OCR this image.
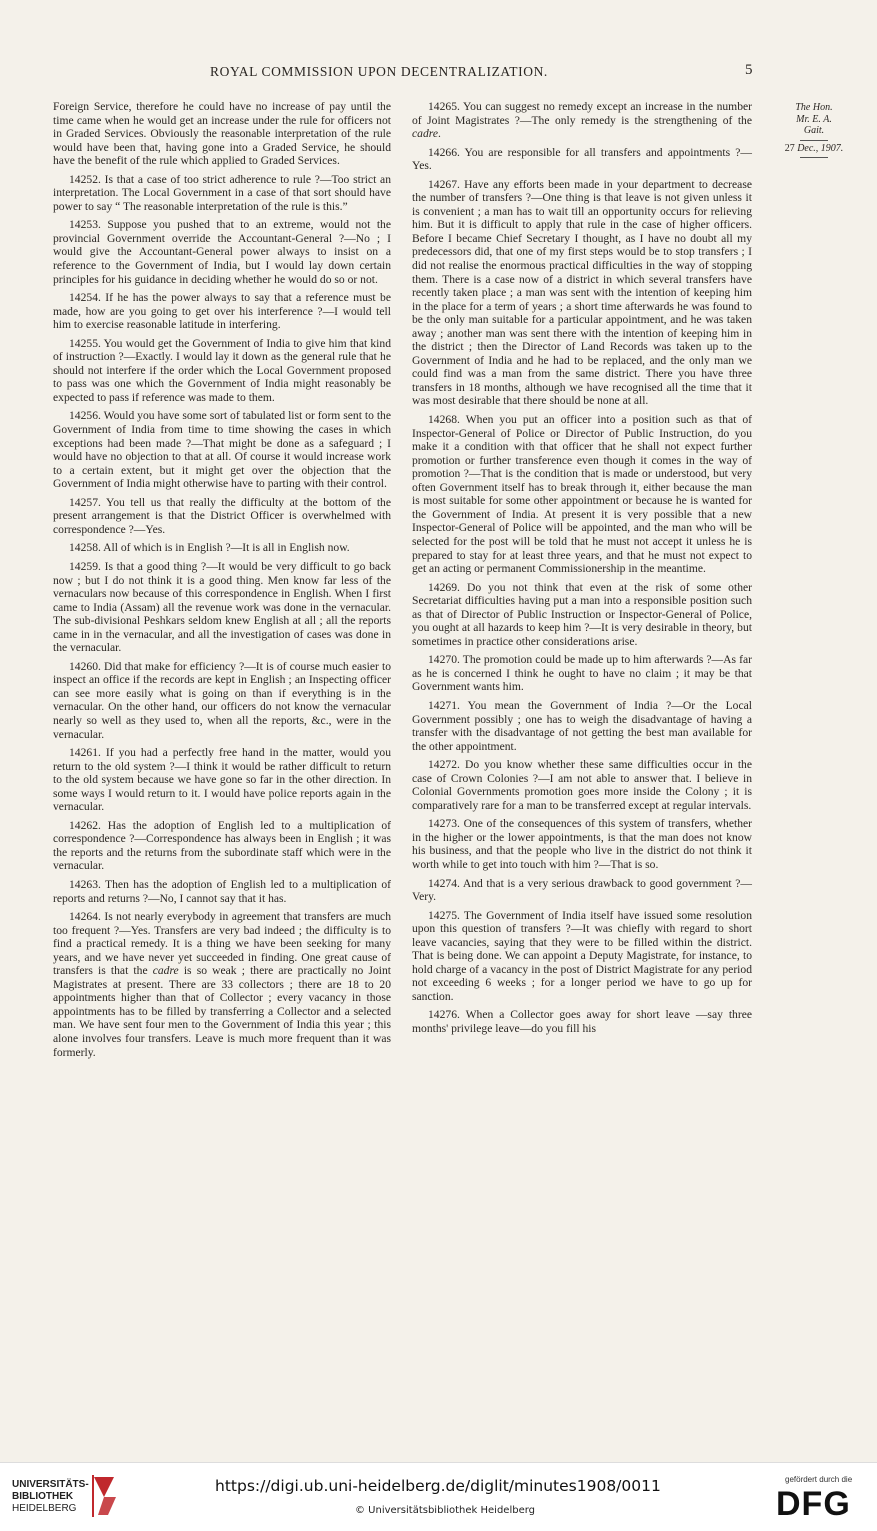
ROYAL COMMISSION UPON DECENTRALIZATION.	5

Foreign Service, therefore he could have no increase of pay until the time came when he would get an increase under the rule for officers not in Graded Services. Obviously the reasonable interpretation of the rule would have been that, having gone into a Graded Service, he should have the benefit of the rule which applied to Graded Services.

14252. Is that a case of too strict adherence to rule ?—Too strict an interpretation. The Local Government in a case of that sort should have power to say “ The reasonable interpretation of the rule is this.”

14253. Suppose you pushed that to an extreme, would not the provincial Government override the Accountant-General ?—No ; I would give the Accountant-General power always to insist on a reference to the Government of India, but I would lay down certain principles for his guidance in deciding whether he would do so or not.

14254. If he has the power always to say that a reference must be made, how are you going to get over his interference ?—I would tell him to exercise reasonable latitude in interfering.

14255. You would get the Government of India to give him that kind of instruction ?—Exactly. I would lay it down as the general rule that he should not interfere if the order which the Local Government proposed to pass was one which the Government of India might reasonably be expected to pass if reference was made to them.

14256. Would you have some sort of tabulated list or form sent to the Government of India from time to time showing the cases in which exceptions had been made ?—That might be done as a safeguard ; I would have no objection to that at all. Of course it would increase work to a certain extent, but it might get over the objection that the Government of India might otherwise have to parting with their control.

14257. You tell us that really the difficulty at the bottom of the present arrangement is that the District Officer is overwhelmed with correspondence ?—Yes.

14258. All of which is in English ?—It is all in English now.

14259. Is that a good thing ?—It would be very difficult to go back now ; but I do not think it is a good thing. Men know far less of the vernaculars now because of this correspondence in English. When I first came to India (Assam) all the revenue work was done in the vernacular. The sub-divisional Peshkars seldom knew English at all ; all the reports came in in the vernacular, and all the investigation of cases was done in the vernacular.

14260. Did that make for efficiency ?—It is of course much easier to inspect an office if the records are kept in English ; an Inspecting officer can see more easily what is going on than if everything is in the vernacular. On the other hand, our officers do not know the vernacular nearly so well as they used to, when all the reports, &c., were in the vernacular.

14261. If you had a perfectly free hand in the matter, would you return to the old system ?—I think it would be rather difficult to return to the old system because we have gone so far in the other direction. In some ways I would return to it. I would have police reports again in the vernacular.

14262. Has the adoption of English led to a multiplication of correspondence ?—Correspondence has always been in English ; it was the reports and the returns from the subordinate staff which were in the vernacular.

14263. Then has the adoption of English led to a multiplication of reports and returns ?—No, I cannot say that it has.

14264. Is not nearly everybody in agreement that transfers are much too frequent ?—Yes. Transfers are very bad indeed ; the difficulty is to find a practical remedy. It is a thing we have been seeking for many years, and we have never yet succeeded in finding. One great cause of transfers is that the cadre is so weak ; there are practically no Joint Magistrates at present. There are 33 collectors ; there are 18 to 20 appointments higher than that of Collector ; every vacancy in those appointments has to be filled by transferring a Collector and a selected man. We have sent four men to the Government of India this year ; this alone involves four transfers. Leave is much more frequent than it was formerly.

14265. You can suggest no remedy except an increase in the number of Joint Magistrates ?—The only remedy is the strengthening of the cadre.

14266. You are responsible for all transfers and appointments ?—Yes.

14267. Have any efforts been made in your department to decrease the number of transfers ?—One thing is that leave is not given unless it is convenient ; a man has to wait till an opportunity occurs for relieving him. But it is difficult to apply that rule in the case of higher officers. Before I became Chief Secretary I thought, as I have no doubt all my predecessors did, that one of my first steps would be to stop transfers ; I did not realise the enormous practical difficulties in the way of stopping them. There is a case now of a district in which several transfers have recently taken place ; a man was sent with the intention of keeping him in the place for a term of years ; a short time afterwards he was found to be the only man suitable for a particular appointment, and he was taken away ; another man was sent there with the intention of keeping him in the district ; then the Director of Land Records was taken up to the Government of India and he had to be replaced, and the only man we could find was a man from the same district. There you have three transfers in 18 months, although we have recognised all the time that it was most desirable that there should be none at all.

14268. When you put an officer into a position such as that of Inspector-General of Police or Director of Public Instruction, do you make it a condition with that officer that he shall not expect further promotion or further transference even though it comes in the way of promotion ?—That is the condition that is made or understood, but very often Government itself has to break through it, either because the man is most suitable for some other appointment or because he is wanted for the Government of India. At present it is very possible that a new Inspector-General of Police will be appointed, and the man who will be selected for the post will be told that he must not accept it unless he is prepared to stay for at least three years, and that he must not expect to get an acting or permanent Commissionership in the meantime.

14269. Do you not think that even at the risk of some other Secretariat difficulties having put a man into a responsible position such as that of Director of Public Instruction or Inspector-General of Police, you ought at all hazards to keep him ?—It is very desirable in theory, but sometimes in practice other considerations arise.

14270. The promotion could be made up to him afterwards ?—As far as he is concerned I think he ought to have no claim ; it may be that Government wants him.

14271. You mean the Government of India ?—Or the Local Government possibly ; one has to weigh the disadvantage of having a transfer with the disadvantage of not getting the best man available for the other appointment.

14272. Do you know whether these same difficulties occur in the case of Crown Colonies ?—I am not able to answer that. I believe in Colonial Governments promotion goes more inside the Colony ; it is comparatively rare for a man to be transferred except at regular intervals.

14273. One of the consequences of this system of transfers, whether in the higher or the lower appointments, is that the man does not know his business, and that the people who live in the district do not think it worth while to get into touch with him ?—That is so.

14274. And that is a very serious drawback to good government ?—Very.

14275. The Government of India itself have issued some resolution upon this question of transfers ?—It was chiefly with regard to short leave vacancies, saying that they were to be filled within the district. That is being done. We can appoint a Deputy Magistrate, for instance, to hold charge of a vacancy in the post of District Magistrate for any period not exceeding 6 weeks ; for a longer period we have to go up for sanction.

14276. When a Collector goes away for short leave —say three months' privilege leave—do you fill his

The Hon.
Mr. E. A.
Gait.
27 Dec., 1907.
UNIVERSITÄTS-
BIBLIOTHEK
HEIDELBERG
https://digi.ub.uni-heidelberg.de/diglit/minutes1908/0011
© Universitätsbibliothek Heidelberg
gefördert durch die
DFG
